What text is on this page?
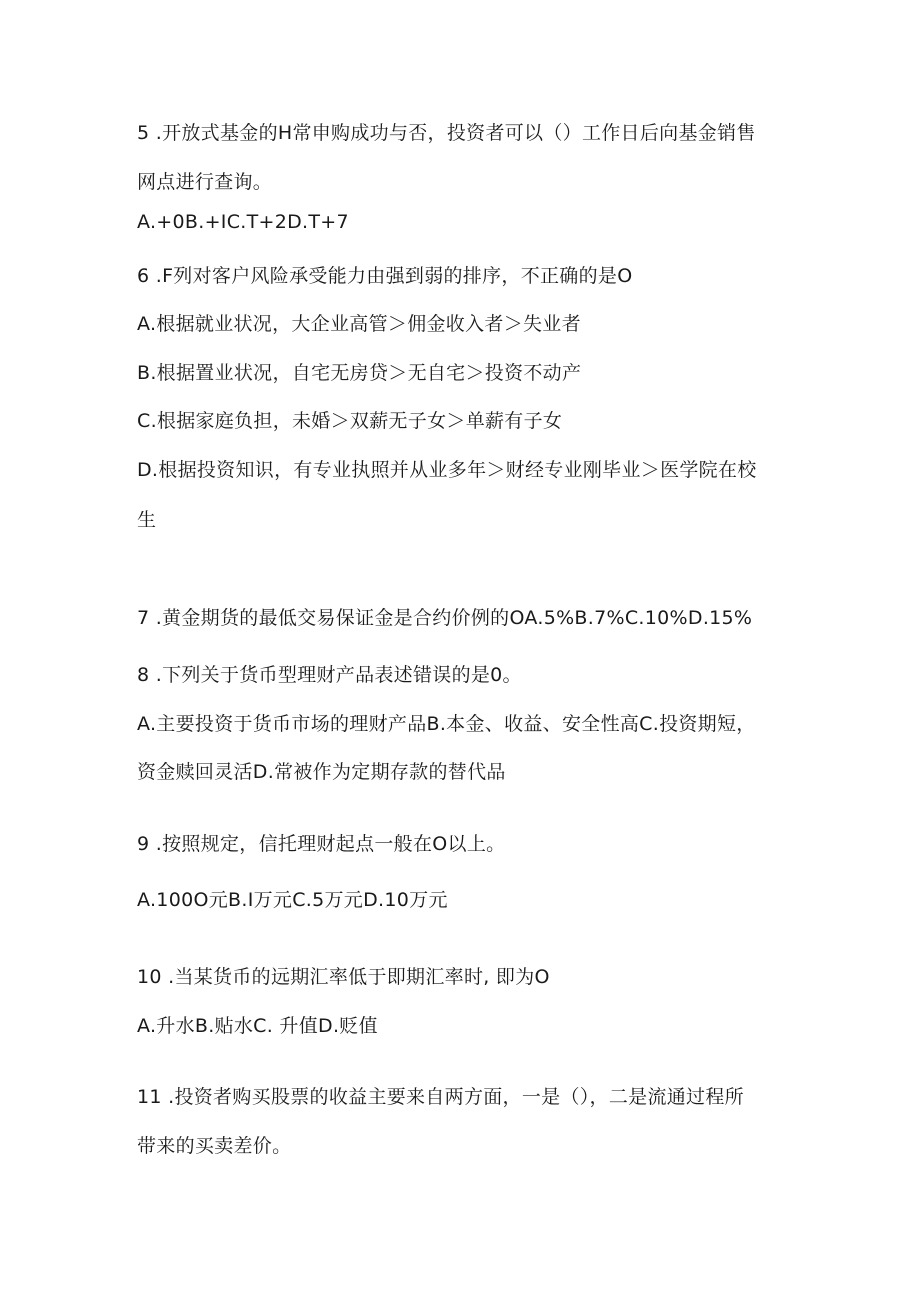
5 .开放式基金的H常申购成功与否，投资者可以（）工作日后向基金销售
网点进行查询。
A.+0B.+IC.T+2D.T+7
6 .F列对客户风险承受能力由强到弱的排序，不正确的是O
A.根据就业状况，大企业高管＞佣金收入者＞失业者
B.根据置业状况，自宅无房贷＞无自宅＞投资不动产
C.根据家庭负担，未婚＞双薪无子女＞单薪有子女
D.根据投资知识，有专业执照并从业多年＞财经专业刚毕业＞医学院在校
生
7 .黄金期货的最低交易保证金是合约价例的OA.5%B.7%C.10%D.15%
8 .下列关于货币型理财产品表述错误的是0。
A.主要投资于货币市场的理财产品B.本金、收益、安全性高C.投资期短，
资金赎回灵活D.常被作为定期存款的替代品
9 .按照规定，信托理财起点一般在O以上。
A.100O元B.I万元C.5万元D.10万元
10 .当某货币的远期汇率低于即期汇率时, 即为O
A.升水B.贴水C. 升值D.贬值
11 .投资者购买股票的收益主要来自两方面，一是（），二是流通过程所
带来的买卖差价。
